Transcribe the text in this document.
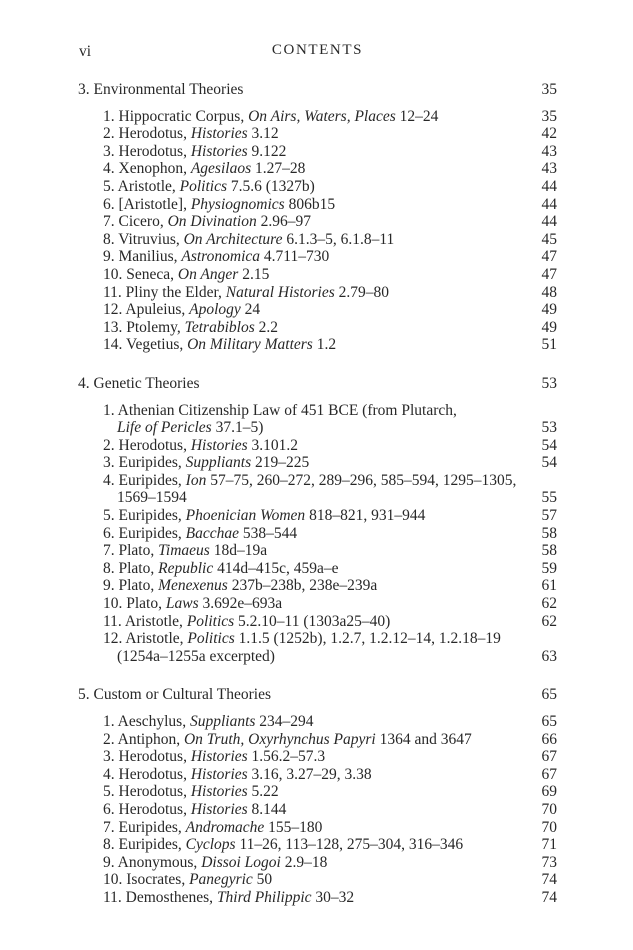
vi	CONTENTS
3. Environmental Theories	35
1. Hippocratic Corpus, On Airs, Waters, Places 12–24	35
2. Herodotus, Histories 3.12	42
3. Herodotus, Histories 9.122	43
4. Xenophon, Agesilaos 1.27–28	43
5. Aristotle, Politics 7.5.6 (1327b)	44
6. [Aristotle], Physiognomics 806b15	44
7. Cicero, On Divination 2.96–97	44
8. Vitruvius, On Architecture 6.1.3–5, 6.1.8–11	45
9. Manilius, Astronomica 4.711–730	47
10. Seneca, On Anger 2.15	47
11. Pliny the Elder, Natural Histories 2.79–80	48
12. Apuleius, Apology 24	49
13. Ptolemy, Tetrabiblos 2.2	49
14. Vegetius, On Military Matters 1.2	51
4. Genetic Theories	53
1. Athenian Citizenship Law of 451 BCE (from Plutarch,
Life of Pericles 37.1–5)	53
2. Herodotus, Histories 3.101.2	54
3. Euripides, Suppliants 219–225	54
4. Euripides, Ion 57–75, 260–272, 289–296, 585–594, 1295–1305,
1569–1594	55
5. Euripides, Phoenician Women 818–821, 931–944	57
6. Euripides, Bacchae 538–544	58
7. Plato, Timaeus 18d–19a	58
8. Plato, Republic 414d–415c, 459a–e	59
9. Plato, Menexenus 237b–238b, 238e–239a	61
10. Plato, Laws 3.692e–693a	62
11. Aristotle, Politics 5.2.10–11 (1303a25–40)	62
12. Aristotle, Politics 1.1.5 (1252b), 1.2.7, 1.2.12–14, 1.2.18–19
(1254a–1255a excerpted)	63
5. Custom or Cultural Theories	65
1. Aeschylus, Suppliants 234–294	65
2. Antiphon, On Truth, Oxyrhynchus Papyri 1364 and 3647	66
3. Herodotus, Histories 1.56.2–57.3	67
4. Herodotus, Histories 3.16, 3.27–29, 3.38	67
5. Herodotus, Histories 5.22	69
6. Herodotus, Histories 8.144	70
7. Euripides, Andromache 155–180	70
8. Euripides, Cyclops 11–26, 113–128, 275–304, 316–346	71
9. Anonymous, Dissoi Logoi 2.9–18	73
10. Isocrates, Panegyric 50	74
11. Demosthenes, Third Philippic 30–32	74
